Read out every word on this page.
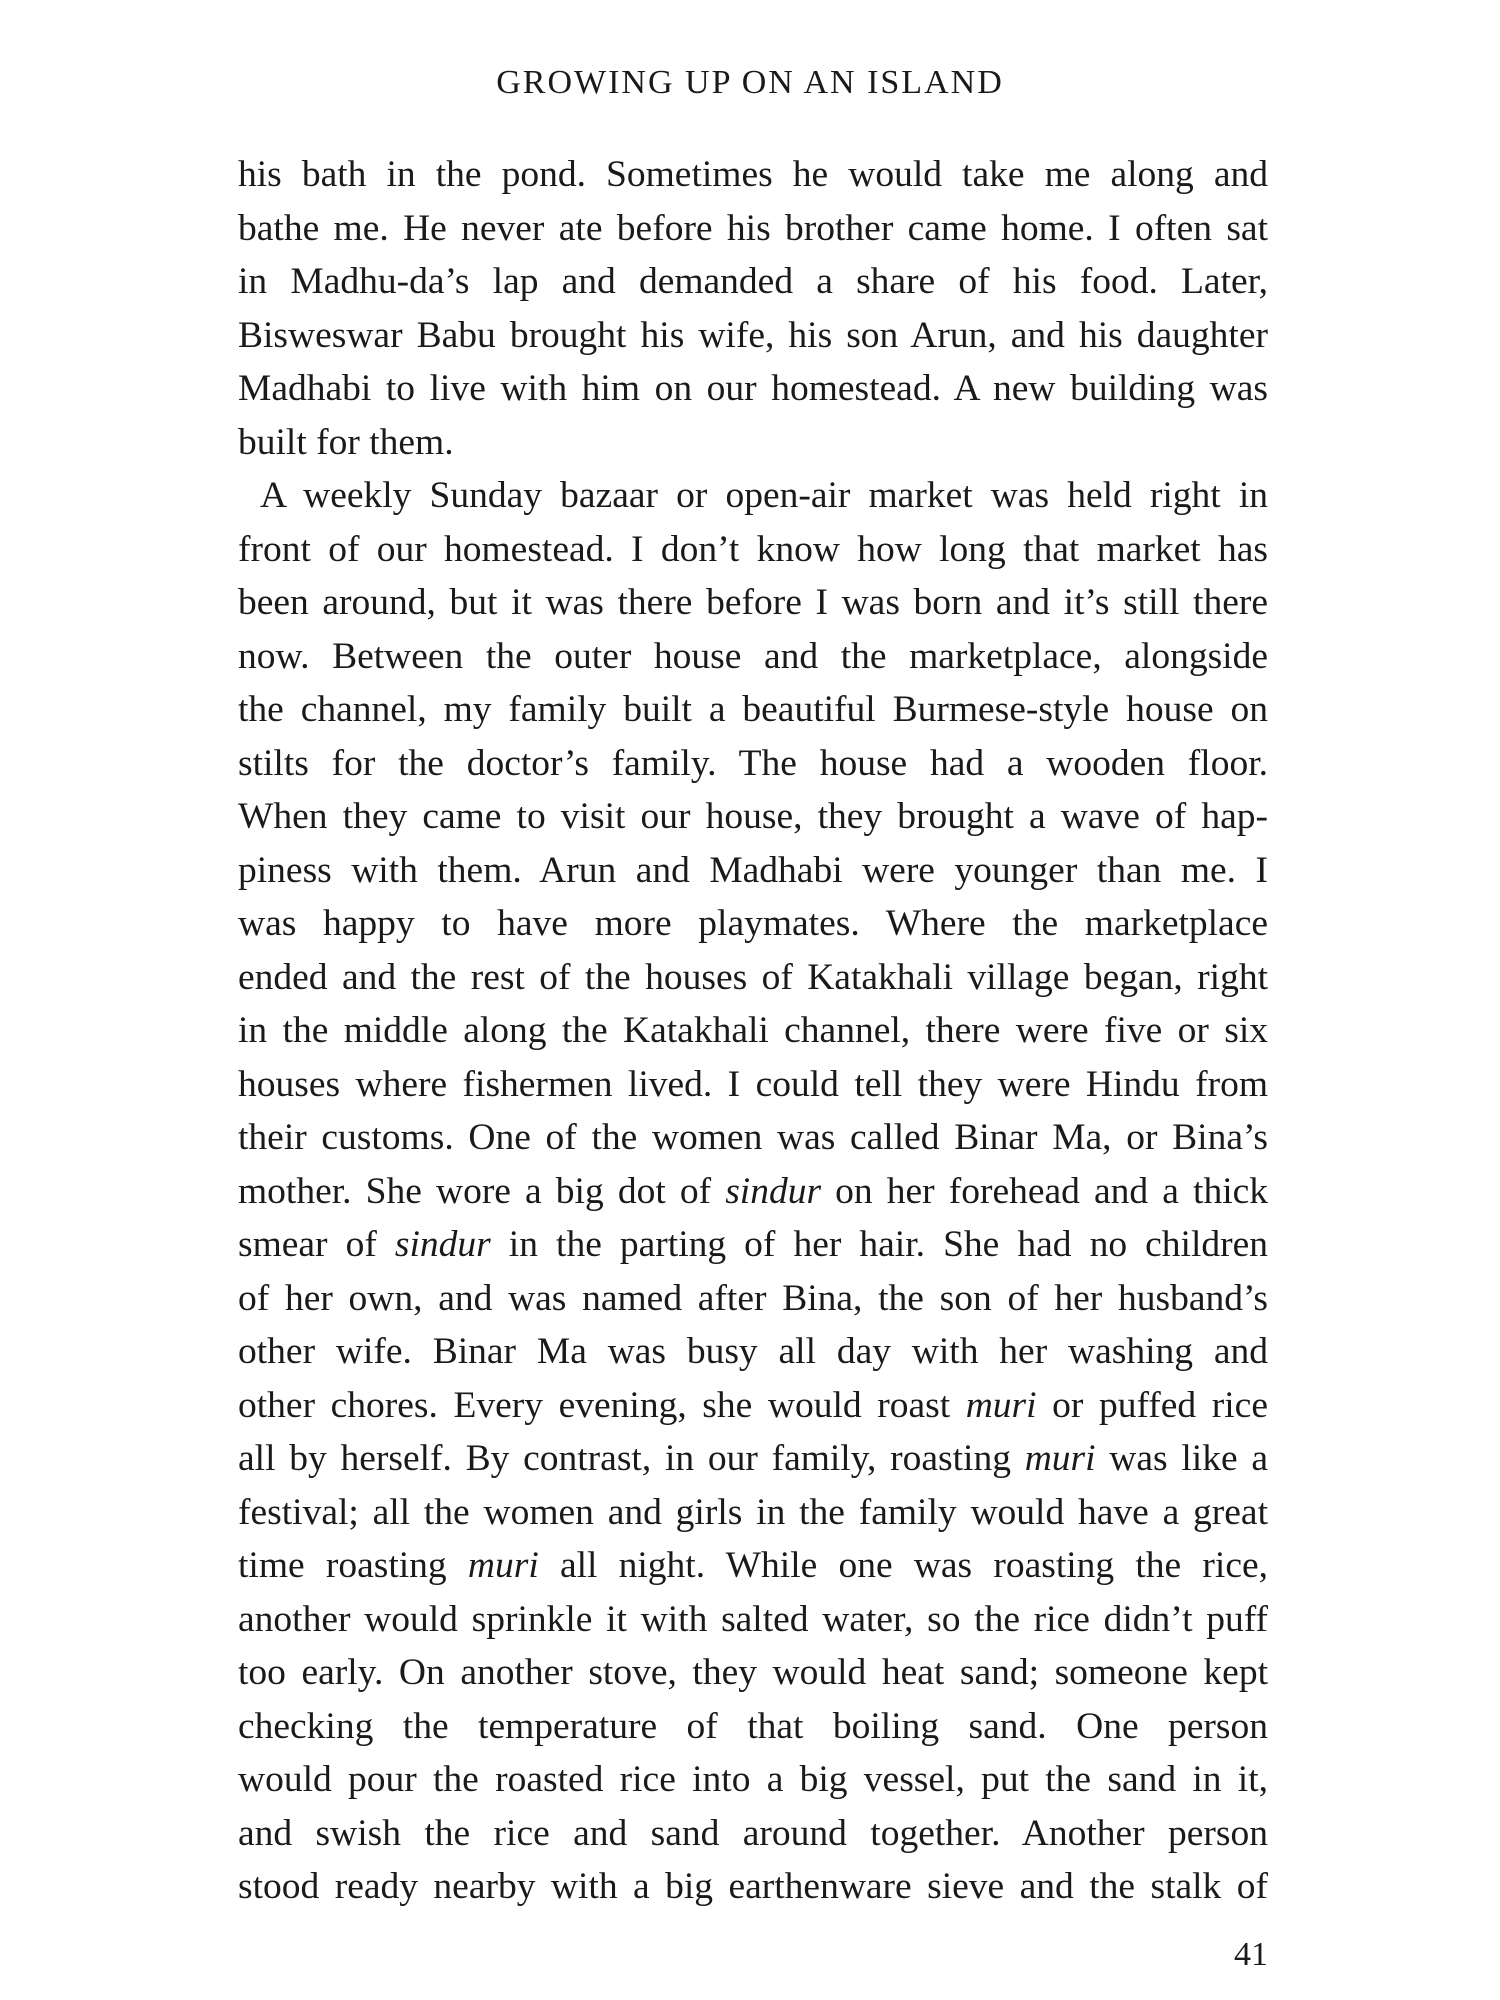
GROWING UP ON AN ISLAND
his bath in the pond. Sometimes he would take me along and
bathe me. He never ate before his brother came home. I often sat
in Madhu-da’s lap and demanded a share of his food. Later,
Bisweswar Babu brought his wife, his son Arun, and his daughter
Madhabi to live with him on our homestead. A new building was
built for them.
A weekly Sunday bazaar or open-air market was held right in
front of our homestead. I don’t know how long that market has
been around, but it was there before I was born and it’s still there
now. Between the outer house and the marketplace, alongside
the channel, my family built a beautiful Burmese-style house on
stilts for the doctor’s family. The house had a wooden floor.
When they came to visit our house, they brought a wave of hap-
piness with them. Arun and Madhabi were younger than me. I
was happy to have more playmates. Where the marketplace
ended and the rest of the houses of Katakhali village began, right
in the middle along the Katakhali channel, there were five or six
houses where fishermen lived. I could tell they were Hindu from
their customs. One of the women was called Binar Ma, or Bina’s
mother. She wore a big dot of sindur on her forehead and a thick
smear of sindur in the parting of her hair. She had no children
of her own, and was named after Bina, the son of her husband’s
other wife. Binar Ma was busy all day with her washing and
other chores. Every evening, she would roast muri or puffed rice
all by herself. By contrast, in our family, roasting muri was like a
festival; all the women and girls in the family would have a great
time roasting muri all night. While one was roasting the rice,
another would sprinkle it with salted water, so the rice didn’t puff
too early. On another stove, they would heat sand; someone kept
checking the temperature of that boiling sand. One person
would pour the roasted rice into a big vessel, put the sand in it,
and swish the rice and sand around together. Another person
stood ready nearby with a big earthenware sieve and the stalk of
41
